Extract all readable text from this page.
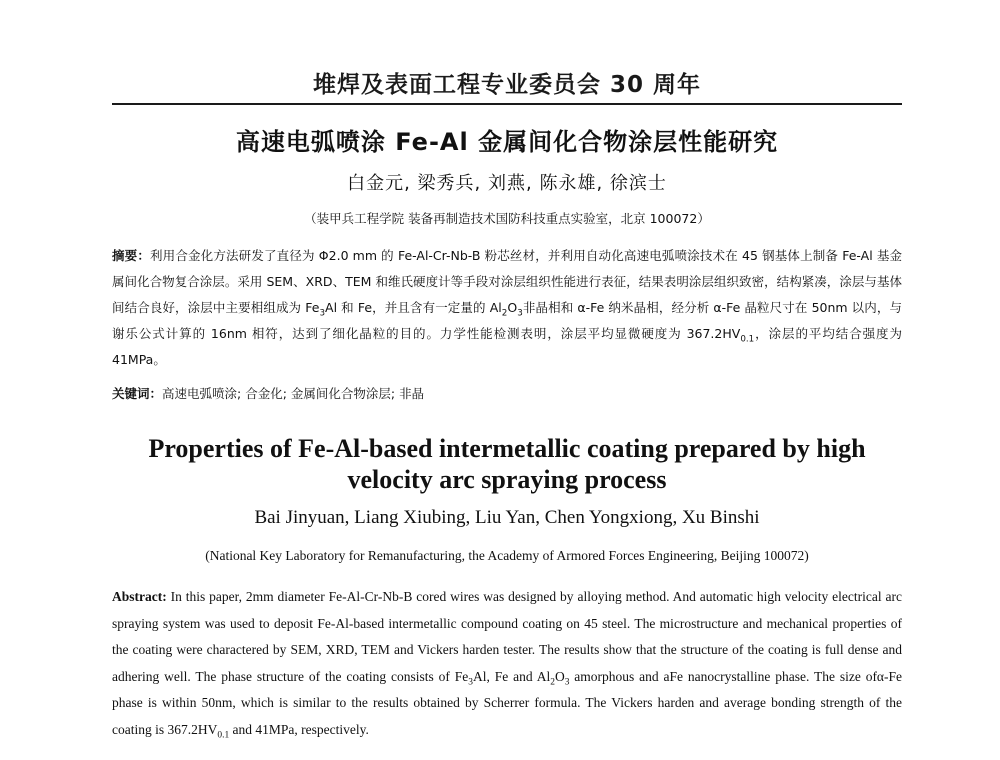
堆焊及表面工程专业委员会 30 周年
高速电弧喷涂 Fe-Al 金属间化合物涂层性能研究
白金元, 梁秀兵, 刘燕, 陈永雄, 徐滨士
（装甲兵工程学院 装备再制造技术国防科技重点实验室，北京 100072）
摘要：利用合金化方法研发了直径为 Φ2.0 mm 的 Fe-Al-Cr-Nb-B 粉芯丝材，并利用自动化高速电弧喷涂技术在 45 钢基体上制备 Fe-Al 基金属间化合物复合涂层。采用 SEM、XRD、TEM 和维氏硬度计等手段对涂层组织性能进行表征，结果表明涂层组织致密，结构紧凑，涂层与基体间结合良好，涂层中主要相组成为 $Fe_3Al$ 和 Fe，并且含有一定量的 $Al_2O_3$非晶相和 α-Fe 纳米晶相，经分析 α-Fe 晶粒尺寸在 50nm 以内，与谢乐公式计算的 16nm 相符，达到了细化晶粒的目的。力学性能检测表明，涂层平均显微硬度为 $367.2HV_{0.1}$，涂层的平均结合强度为 41MPa。
关键词：高速电弧喷涂; 合金化; 金属间化合物涂层; 非晶
Properties of Fe-Al-based intermetallic coating prepared by high
velocity arc spraying process
Bai Jinyuan, Liang Xiubing, Liu Yan, Chen Yongxiong, Xu Binshi
(National Key Laboratory for Remanufacturing, the Academy of Armored Forces Engineering, Beijing 100072)
Abstract: In this paper, 2mm diameter Fe-Al-Cr-Nb-B cored wires was designed by alloying method. And automatic high velocity electrical arc spraying system was used to deposit Fe-Al-based intermetallic compound coating on 45 steel. The microstructure and mechanical properties of the coating were charactered by SEM, XRD, TEM and Vickers harden tester. The results show that the structure of the coating is full dense and adhering well. The phase structure of the coating consists of $Fe_3Al$, Fe and $Al_2O_3$ amorphous and aFe nanocrystalline phase. The size ofα-Fe phase is within 50nm, which is similar to the results obtained by Scherrer formula. The Vickers harden and average bonding strength of the coating is $367.2HV_{0.1}$ and 41MPa, respectively.
